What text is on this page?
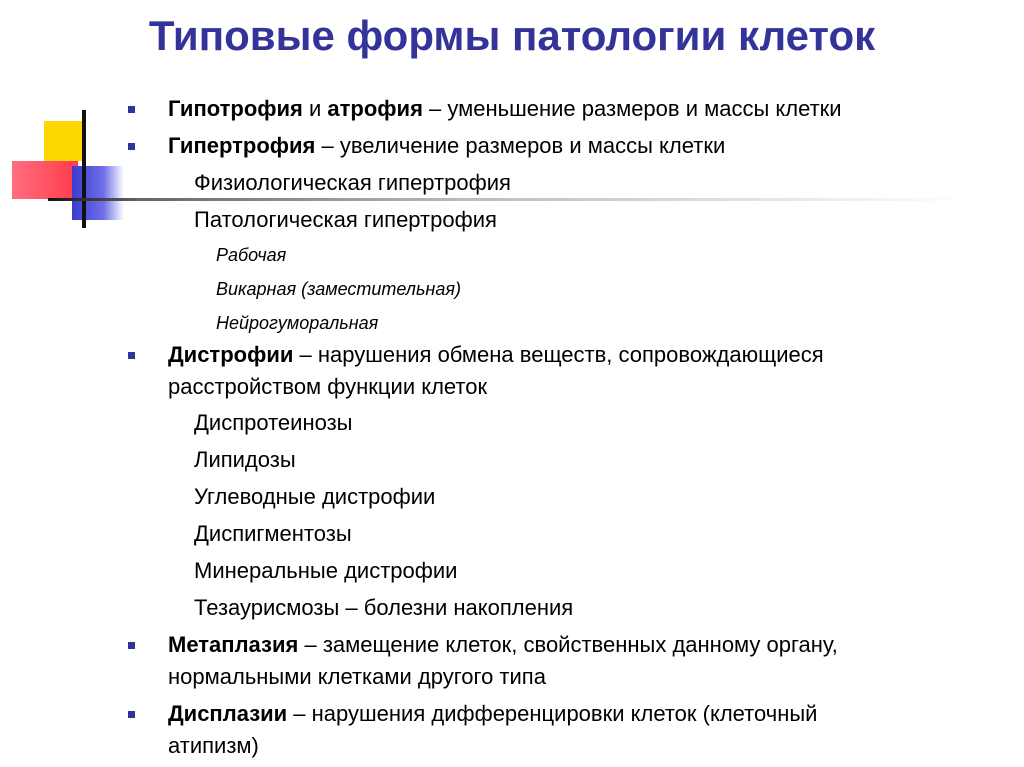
Типовые формы патологии клеток
Гипотрофия и атрофия – уменьшение размеров и массы клетки
Гипертрофия – увеличение размеров и массы клетки
Физиологическая гипертрофия
Патологическая гипертрофия
Рабочая
Викарная (заместительная)
Нейрогуморальная
Дистрофии – нарушения обмена веществ, сопровождающиеся
расстройством функции клеток
Диспротеинозы
Липидозы
Углеводные дистрофии
Диспигментозы
Минеральные дистрофии
Тезаурисмозы – болезни накопления
Метаплазия – замещение клеток, свойственных данному органу,
нормальными клетками другого типа
Дисплазии – нарушения дифференцировки клеток (клеточный
атипизм)
